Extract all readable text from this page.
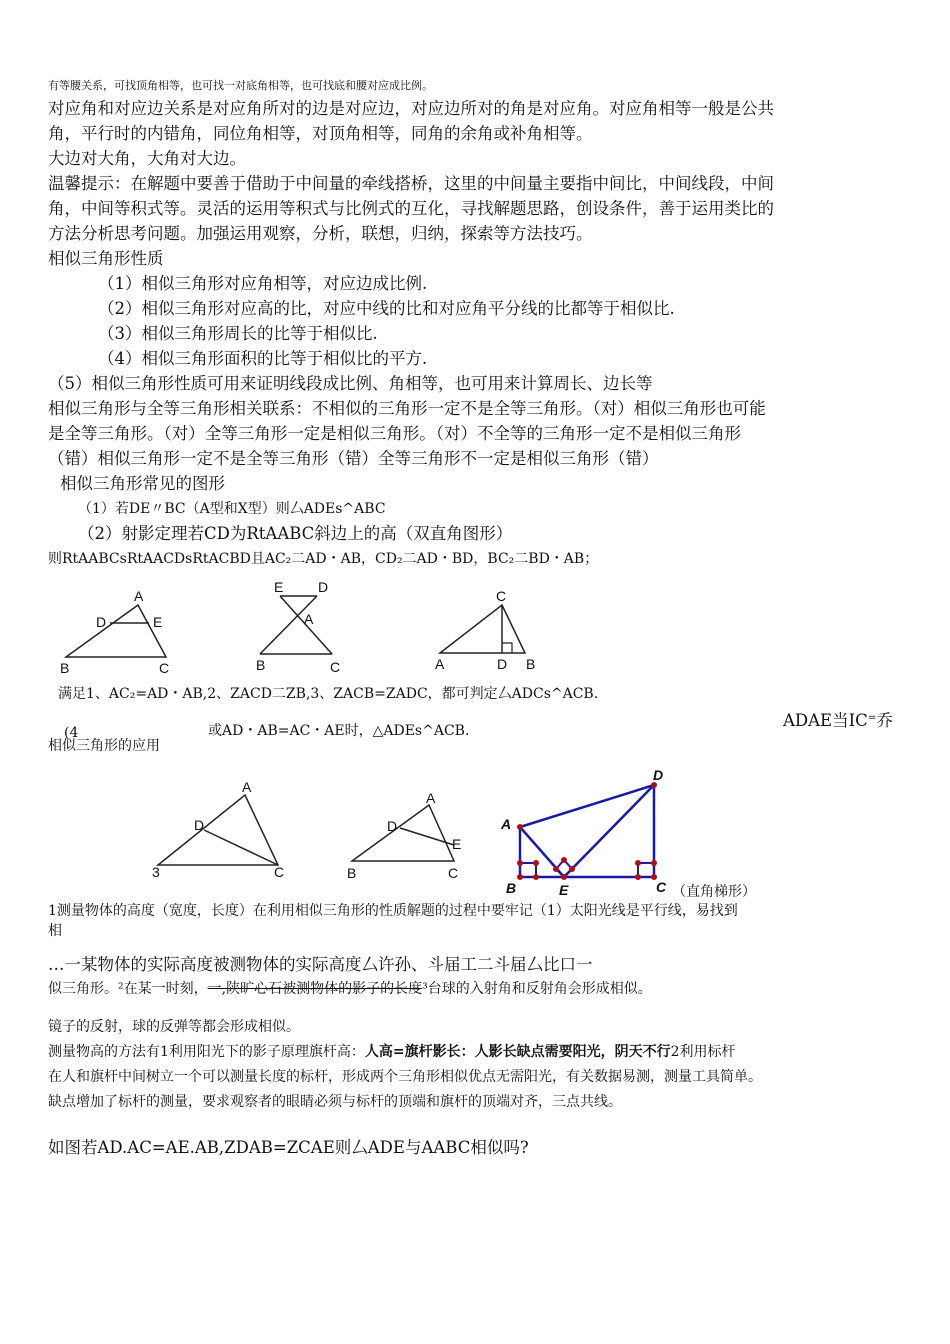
有等腰关系，可找顶角相等，也可找一对底角相等，也可找底和腰对应成比例。
对应角和对应边关系是对应角所对的边是对应边，对应边所对的角是对应角。对应角相等一般是公共
角，平行时的内错角，同位角相等，对顶角相等，同角的余角或补角相等。
大边对大角，大角对大边。
温馨提示：在解题中要善于借助于中间量的牵线搭桥，这里的中间量主要指中间比，中间线段，中间
角，中间等积式等。灵活的运用等积式与比例式的互化，寻找解题思路，创设条件，善于运用类比的
方法分析思考问题。加强运用观察，分析，联想，归纳，探索等方法技巧。
相似三角形性质
（1）相似三角形对应角相等，对应边成比例.
（2）相似三角形对应高的比，对应中线的比和对应角平分线的比都等于相似比.
（3）相似三角形周长的比等于相似比.
（4）相似三角形面积的比等于相似比的平方.
（5）相似三角形性质可用来证明线段成比例、角相等，也可用来计算周长、边长等
相似三角形与全等三角形相关联系：不相似的三角形一定不是全等三角形。（对）相似三角形也可能
是全等三角形。（对）全等三角形一定是相似三角形。（对）不全等的三角形一定不是相似三角形
（错）相似三角形一定不是全等三角形（错）全等三角形不一定是相似三角形（错）
相似三角形常见的图形
（1）若DE〃BC（A型和X型）则厶ADEs^ABC
（2）射影定理若CD为RtAABC斜边上的高（双直角图形）
则RtAABCsRtAACDsRtACBD且AC₂二AD・AB，CD₂二AD・BD，BC₂二BD・AB；
A
D	E
B	C
E D
A
B	C
C
A	D B
满足1、AC₂=AD・AB,2、ZACD二ZB,3、ZACB=ZADC，都可判定厶ADCs^ACB.
(4	或AD・AB=AC・AE时，△ADEs^ACB.
ADAE当IC⁼乔
相似三角形的应用
A
D
3	C
A
D
E
B	C
D
A
B	E	C （直角梯形）
1测量物体的高度（宽度，长度）在利用相似三角形的性质解题的过程中要牢记（1）太阳光线是平行线，易找到
相
…一某物体的实际高度被测物体的实际高度厶许孙、斗届工二斗届厶比口一
似三角形。²在某一时刻，一,陕旷心石被测物体的影子的长度³台球的入射角和反射角会形成相似。
镜子的反射，球的反弹等都会形成相似。
测量物高的方法有1利用阳光下的影子原理旗杆高：人高=旗杆影长：人影长缺点需要阳光，阴天不行2利用标杆
在人和旗杆中间树立一个可以测量长度的标杆，形成两个三角形相似优点无需阳光，有关数据易测，测量工具简单。
缺点增加了标杆的测量，要求观察者的眼睛必须与标杆的顶端和旗杆的顶端对齐，三点共线。
如图若AD.AC=AE.AB,ZDAB=ZCAE则厶ADE与AABC相似吗?
